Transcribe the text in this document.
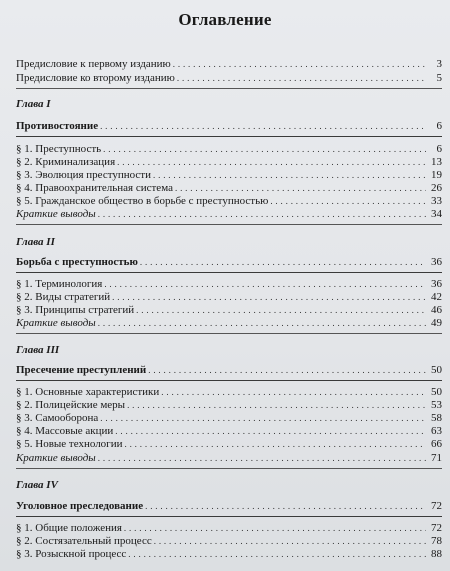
Оглавление
Предисловие к первому изданию . . .	3
Предисловие ко второму изданию . . .	5
Глава I
Противостояние . . .	6
§ 1. Преступность . . .	6
§ 2. Криминализация . . .	13
§ 3. Эволюция преступности . . .	19
§ 4. Правоохранительная система . . .	26
§ 5. Гражданское общество в борьбе с преступностью . . .	33
Краткие выводы . . .	34
Глава II
Борьба с преступностью . . .	36
§ 1. Терминология . . .	36
§ 2. Виды стратегий . . .	42
§ 3. Принципы стратегий . . .	46
Краткие выводы . . .	49
Глава III
Пресечение преступлений . . .	50
§ 1. Основные характеристики . . .	50
§ 2. Полицейские меры . . .	53
§ 3. Самооборона . . .	58
§ 4. Массовые акции . . .	63
§ 5. Новые технологии . . .	66
Краткие выводы . . .	71
Глава IV
Уголовное преследование . . .	72
§ 1. Общие положения . . .	72
§ 2. Состязательный процесс . . .	78
§ 3. Розыскной процесс . . .	88
